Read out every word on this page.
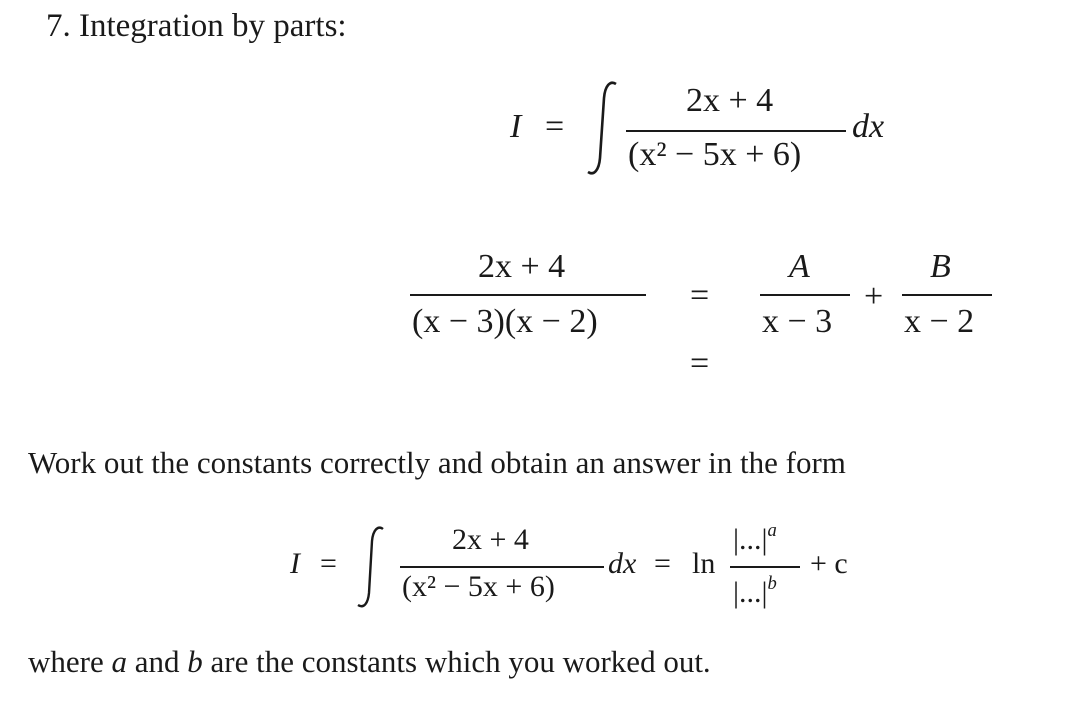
7. Integration by parts:
I =
2x + 4
(x² − 5x + 6)
dx
2x + 4
(x − 3)(x − 2)
=
=
A
x − 3
+
B
x − 2
Work out the constants correctly and obtain an answer in the form
I =
2x + 4
(x² − 5x + 6)
dx = ln
$|...|^a$
$|...|^b$
+ c
where a and b are the constants which you worked out.
